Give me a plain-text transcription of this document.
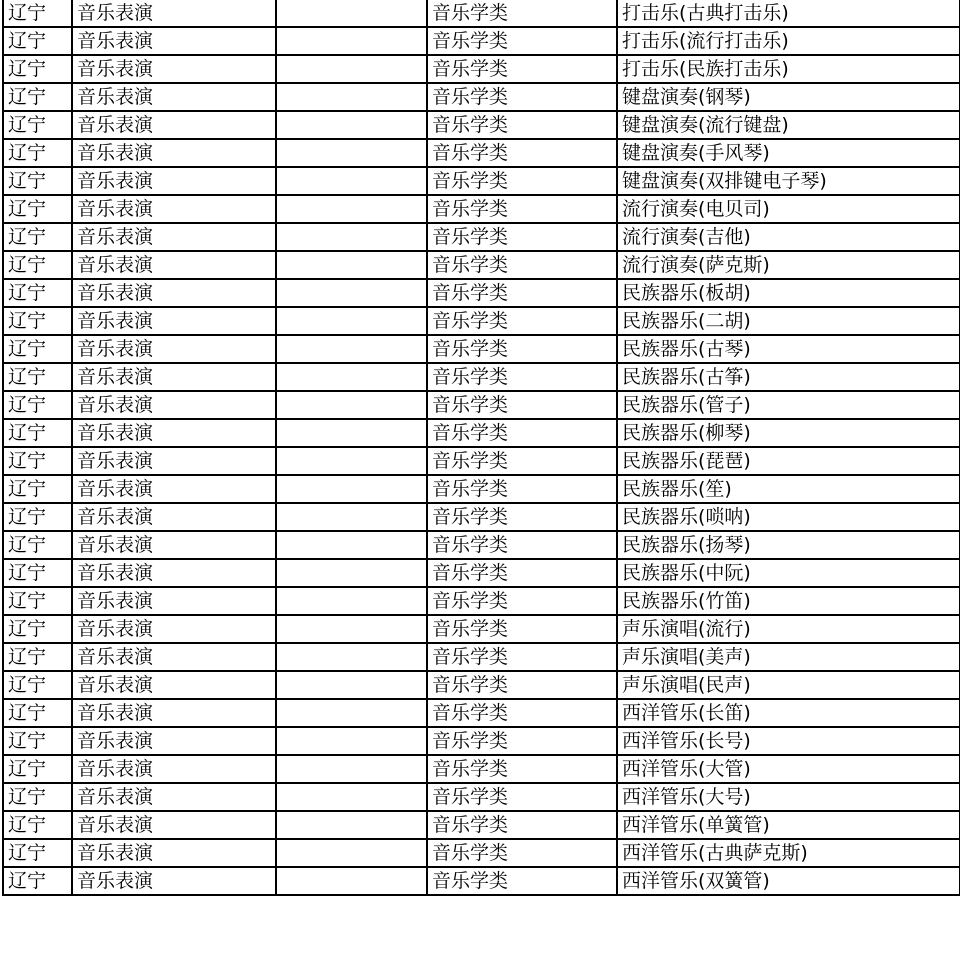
辽宁	音乐表演		音乐学类	打击乐(古典打击乐)
辽宁	音乐表演		音乐学类	打击乐(流行打击乐)
辽宁	音乐表演		音乐学类	打击乐(民族打击乐)
辽宁	音乐表演		音乐学类	键盘演奏(钢琴)
辽宁	音乐表演		音乐学类	键盘演奏(流行键盘)
辽宁	音乐表演		音乐学类	键盘演奏(手风琴)
辽宁	音乐表演		音乐学类	键盘演奏(双排键电子琴)
辽宁	音乐表演		音乐学类	流行演奏(电贝司)
辽宁	音乐表演		音乐学类	流行演奏(吉他)
辽宁	音乐表演		音乐学类	流行演奏(萨克斯)
辽宁	音乐表演		音乐学类	民族器乐(板胡)
辽宁	音乐表演		音乐学类	民族器乐(二胡)
辽宁	音乐表演		音乐学类	民族器乐(古琴)
辽宁	音乐表演		音乐学类	民族器乐(古筝)
辽宁	音乐表演		音乐学类	民族器乐(管子)
辽宁	音乐表演		音乐学类	民族器乐(柳琴)
辽宁	音乐表演		音乐学类	民族器乐(琵琶)
辽宁	音乐表演		音乐学类	民族器乐(笙)
辽宁	音乐表演		音乐学类	民族器乐(唢呐)
辽宁	音乐表演		音乐学类	民族器乐(扬琴)
辽宁	音乐表演		音乐学类	民族器乐(中阮)
辽宁	音乐表演		音乐学类	民族器乐(竹笛)
辽宁	音乐表演		音乐学类	声乐演唱(流行)
辽宁	音乐表演		音乐学类	声乐演唱(美声)
辽宁	音乐表演		音乐学类	声乐演唱(民声)
辽宁	音乐表演		音乐学类	西洋管乐(长笛)
辽宁	音乐表演		音乐学类	西洋管乐(长号)
辽宁	音乐表演		音乐学类	西洋管乐(大管)
辽宁	音乐表演		音乐学类	西洋管乐(大号)
辽宁	音乐表演		音乐学类	西洋管乐(单簧管)
辽宁	音乐表演		音乐学类	西洋管乐(古典萨克斯)
辽宁	音乐表演		音乐学类	西洋管乐(双簧管)
